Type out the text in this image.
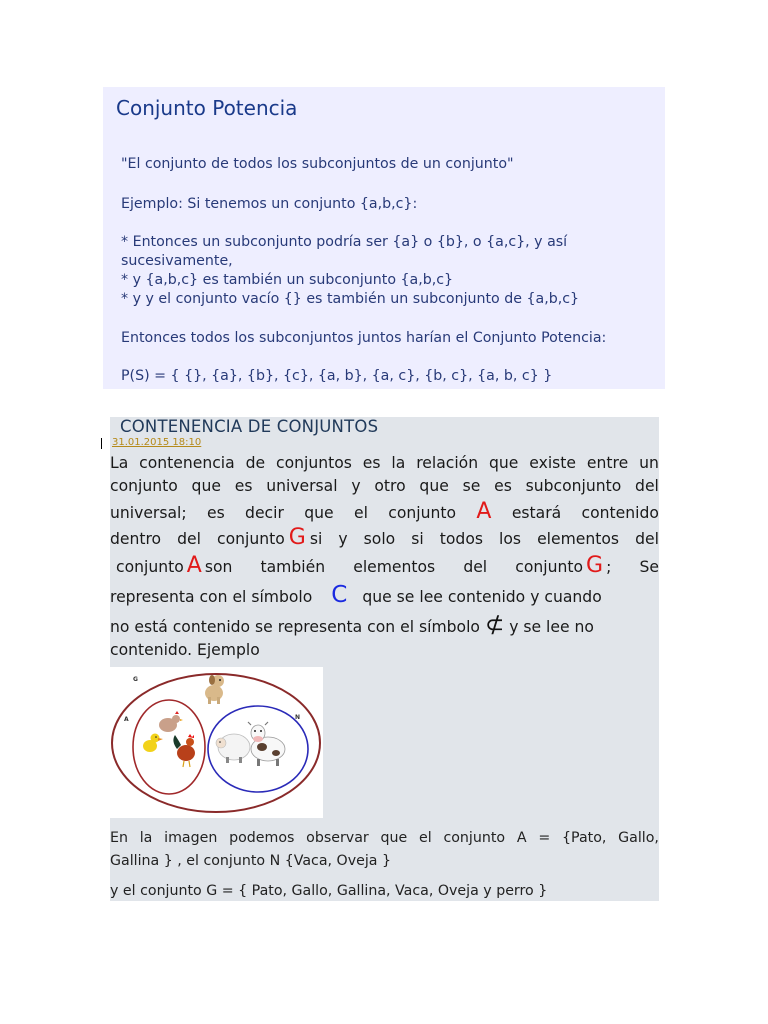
Conjunto Potencia
"El conjunto de todos los subconjuntos de un conjunto"
Ejemplo: Si tenemos un conjunto {a,b,c}:
* Entonces un subconjunto podría ser {a} o {b}, o {a,c}, y así
sucesivamente,
* y {a,b,c} es también un subconjunto {a,b,c}
* y y el conjunto vacío {} es también un subconjunto de {a,b,c}
Entonces todos los subconjuntos juntos harían el Conjunto Potencia:
P(S) = { {}, {a}, {b}, {c}, {a, b}, {a, c}, {b, c}, {a, b, c} }
CONTENENCIA DE CONJUNTOS
31.01.2015 18:10
La contenencia de conjuntos es la relación que existe entre un
conjunto que es universal y otro que se es subconjunto del
universal; es decir que el conjunto A estará contenido
dentro del conjunto G si y solo si todos los elementos del
conjunto A son también elementos del conjunto G ; Se
representa con el símbolo C que se lee contenido y cuando
no está contenido se representa con el símbolo ⊄ y se lee no
contenido. Ejemplo
G
A	N
En la imagen podemos observar que el conjunto A = {Pato, Gallo,
Gallina } , el conjunto N {Vaca, Oveja }
y el conjunto G = { Pato, Gallo, Gallina, Vaca, Oveja y perro }
